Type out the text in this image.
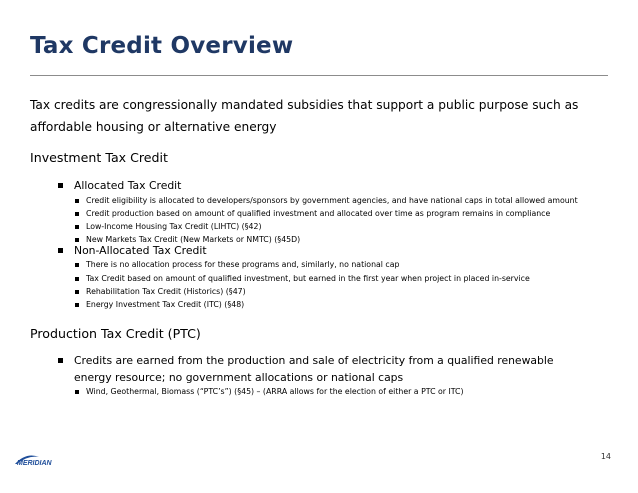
Tax Credit Overview
Tax credits are congressionally mandated subsidies that support a public purpose such as affordable housing or alternative energy
Investment Tax Credit
Allocated Tax Credit
Credit eligibility is allocated to developers/sponsors by government agencies, and have national caps in total allowed amount
Credit production based on amount of qualified investment and allocated over time as program remains in compliance
Low-Income Housing Tax Credit (LIHTC) (§42)
New Markets Tax Credit (New Markets or NMTC) (§45D)
Non-Allocated Tax Credit
There is no allocation process for these programs and, similarly, no national cap
Tax Credit based on amount of qualified investment, but earned in the first year when project in placed in-service
Rehabilitation Tax Credit (Historics) (§47)
Energy Investment Tax Credit (ITC) (§48)
Production Tax Credit (PTC)
Credits are earned from the production and sale of electricity from a qualified renewable energy resource; no government allocations or national caps
Wind, Geothermal, Biomass (“PTC’s”) (§45) – (ARRA allows for the election of either a PTC or ITC)
MERIDIAN
14
